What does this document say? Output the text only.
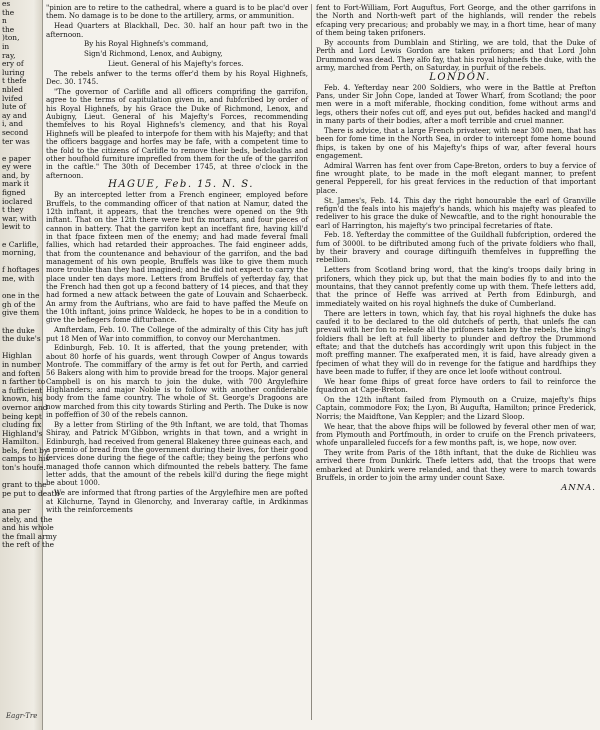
es

the

n

the

)ton,

in

ray,

ery of

luring

t thefe

nbled

lvifed

lute of

ay and

i, and

second

ter was

e paper

ey were

and, by

mark it

figned

ioclared

t they

war, with

lewit to

e Carlifle,

morning,

f hoftages

me, with

one in the

gh of the

give them

the duke

the duke's

Highlan

in number

and foften

n farther to

a fufficient

known, his

overnor and

being kept

cluding fix

Highland's

Hamilton.

bels, fent by

camps to his

ton's houfe.

grant to the

pe put to death

ana per

ately, and the

and his whole

the fmall army

the reft of the

"pinion are to retire to the cathedral, where a guard is to be plac'd over them. No damage is to be done to the artillery, arms, or ammunition.

Head Quarters at Blackhall, Dec. 30. half an hour paft two in the afternoon.

By his Royal Highnefs's command,

Sign'd Richmond, Lenox, and Aubigny,

Lieut. General of his Majefty's forces.

The rebels anfwer to the terms offer'd them by his Royal Highnefs, Dec. 30. 1745.

"The governor of Carlifle and all officers comprifing the garrifon, agree to the terms of capitulation given in, and fubfcribed by order of his Royal Highnefs, by his Grace the Duke of Richmond, Lenox, and Aubigny, Lieut. General of his Majefty's Forces, recommending themfelves to his Royal Highnefs's clemency, and that his Royal Highnefs will be pleafed to interpofe for them with his Majefty; and that the officers baggage and horfes may be fafe, with a competent time to the fold to the citizens of Carlifle to remove their beds, bedcloaths and other houfhold furniture imprefled from them for the ufe of the garrifon in the caftle." The 30th of December 1745, at three o'clock in the afternoon.

HAGUE, Feb. 15. N. S.

By an intercepted letter from a French engineer, employed before Bruffels, to the commanding officer of that nation at Namur, dated the 12th inftant, it appears, that the trenches were opened on the 9th inftant. That on the 12th there were but fix mortars, and four pieces of cannon in battery. That the garrifon kept an inceffant fire, having kill'd in that fpace fixteen men of the enemy; and had made feveral fmall fallies, which had retarded their approaches. The faid engineer adds, that from the countenance and behaviour of the garrifon, and the bad management of his own people, Bruffels was like to give them much more trouble than they had imagined; and he did not expect to carry the place under ten days more. Letters from Bruffels of yefterday fay, that the French had then got up a fecond battery of 14 pieces, and that they had formed a new attack between the gate of Louvain and Schaerbeck. An army from the Auftrians, who are faid to have paffed the Meufe on the 10th inftant, joins prince Waldeck, he hopes to be in a condition to give the befiegers fome difturbance.

Amfterdam, Feb. 10. The College of the admiralty of this City has juft put 18 Men of War into commiffion, to convoy our Merchantmen.

Edinburgh, Feb. 10. It is afferted, that the young pretender, with about 80 horfe of his guards, went through Cowper of Angus towards Montrofe. The commiffary of the army is fet out for Perth, and carried 56 Bakers along with him to provide bread for the troops. Major general Campbell is on his march to join the duke, with 700 Argylefhire Highlanders; and major Noble is to follow with another confiderable body from the fame country. The whole of St. George's Dragoons are now marched from this city towards Stirling and Perth. The Duke is now in poffeffion of 30 of the rebels cannon.

By a letter from Stirling of the 9th Inftant, we are told, that Thomas Shiray, and Patrick M'Gibbon, wrights in that town, and a wright in Edinburgh, had received from general Blakeney three guineas each, and a premio of bread from the government during their lives, for their good fervices done during the fiege of the caftle; they being the perfons who managed thofe cannon which difmounted the rebels battery. The fame letter adds, that the amount of the rebels kill'd during the fiege might be about 1000.

We are informed that ftrong parties of the Argylefhire men are pofted at Kilchurne, Taynd in Glenorchy, and Inveraray caftle, in Ardkinmas with the reinforcements

fent to Fort-William, Fort Auguftus, Fort George, and the other garrifons in the North and North-weft part of the highlands, will render the rebels efcaping very precarious; and probably we may, in a fhort time, hear of many of them being taken prifoners.

By accounts from Dumblain and Stirling, we are told, that the Duke of Perth and Lord Lewis Gordon are taken prifoners; and that Lord John Drummond was dead. They alfo fay, that his royal highnefs the duke, with the army, marched from Perth, on Saturday, in purfuit of the rebels.

LONDON.

Feb. 4. Yefterday near 200 Soldiers, who were in the Battle at Prefton Pans, under Sir John Cope, landed at Tower Wharf, from Scotland; the poor men were in a moft miferable, fhocking condition, fome without arms and legs, others their nofes cut off, and eyes put out, befides hacked and mangl'd in many parts of their bodies, after a moft terrible and cruel manner.

There is advice, that a large French privateer, with near 300 men, that has been for fome time in the North Sea, in order to intercept fome home bound fhips, is taken by one of his Majefty's fhips of war, after feveral hours engagement.

Admiral Warren has fent over from Cape-Breton, orders to buy a fervice of fine wrought plate, to be made in the moft elegant manner, to prefent general Pepperell, for his great fervices in the reduction of that important place.

St. James's, Feb. 14. This day the right honourable the earl of Granville refign'd the feals into his majefty's hands, which his majefty was pleafed to redeliver to his grace the duke of Newcaftle, and to the right honourable the earl of Harrington, his majefty's two principal fecretaries of ftate.

Feb. 18. Yefterday the committee of the Guildhall fubfcription, ordered the fum of 3000l. to be diftributed among fuch of the private foldiers who fhall, by their bravery and courage diftinguifh themfelves in fuppreffing the rebellion.

Letters from Scotland bring word, that the king's troops daily bring in prifoners, which they pick up, but that the main bodies fly to and into the mountains, that they cannot prefently come up with them. Thefe letters add, that the prince of Heffe was arrived at Perth from Edinburgh, and immediately waited on his royal highnefs the duke of Cumberland.

There are letters in town, which fay, that his royal highnefs the duke has caufed it to be declared to the old dutchefs of perth, that unlefs fhe can prevail with her fon to releafe all the prifoners taken by the rebels, the king's foldiers fhall be left at full liberty to plunder and deftroy the Drummond eftate; and that the dutchefs has accordingly writ upon this fubject in the moft preffing manner. The exafperated men, it is faid, have already given a fpecimen of what they will do in revenge for the fatigue and hardfhips they have been made to fuffer, if they are once let loofe without controul.

We hear fome fhips of great force have orders to fail to reinforce the fquadron at Cape-Breton.

On the 12th inftant failed from Plymouth on a Cruize, majefty's fhips Captain, commodore Fox; the Lyon, Bi Augufta, Hamilton; prince Frederick, Norris; the Maidftone, Van Keppler; and the Lizard Sloop.

We hear, that the above fhips will be followed by feveral other men of war, from Plymouth and Portfmouth, in order to cruife on the French privateers, whofe unparalleled fuccefs for a few months paft, is, we hope, now over.

They write from Paris of the 18th inftant, that the duke de Richlieu was arrived there from Dunkirk. Thefe letters add, that the troops that were embarked at Dunkirk were relanded, and that they were to march towards Bruffels, in order to join the army under count Saxe.

ANNA.

Eagr-Tre
